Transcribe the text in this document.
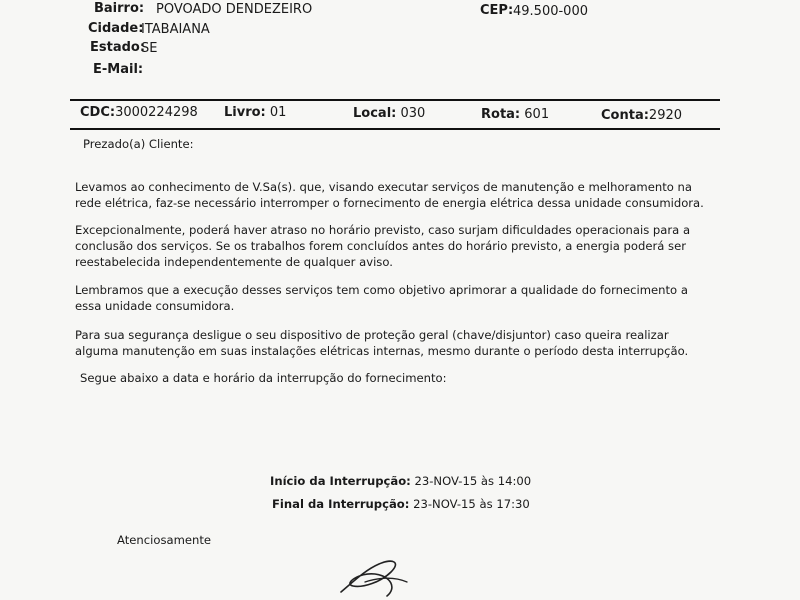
Bairro: POVOADO DENDEZEIRO	CEP: 49.500-000
Cidade:
ITABAIANA
Estado:
SE
E-Mail:
CDC:3000224298 Livro: 01	Local: 030	Rota: 601	Conta:2920
Prezado(a) Cliente:
Levamos ao conhecimento de V.Sa(s). que, visando executar serviços de manutenção e melhoramento na rede elétrica, faz-se necessário interromper o fornecimento de energia elétrica dessa unidade consumidora.
Excepcionalmente, poderá haver atraso no horário previsto, caso surjam dificuldades operacionais para a conclusão dos serviços. Se os trabalhos forem concluídos antes do horário previsto, a energia poderá ser reestabelecida independentemente de qualquer aviso.
Lembramos que a execução desses serviços tem como objetivo aprimorar a qualidade do fornecimento a essa unidade consumidora.
Para sua segurança desligue o seu dispositivo de proteção geral (chave/disjuntor) caso queira realizar alguma manutenção em suas instalações elétricas internas, mesmo durante o período desta interrupção.
Segue abaixo a data e horário da interrupção do fornecimento:
Início da Interrupção: 23-NOV-15 às 14:00
Final da Interrupção: 23-NOV-15 às 17:30
Atenciosamente
